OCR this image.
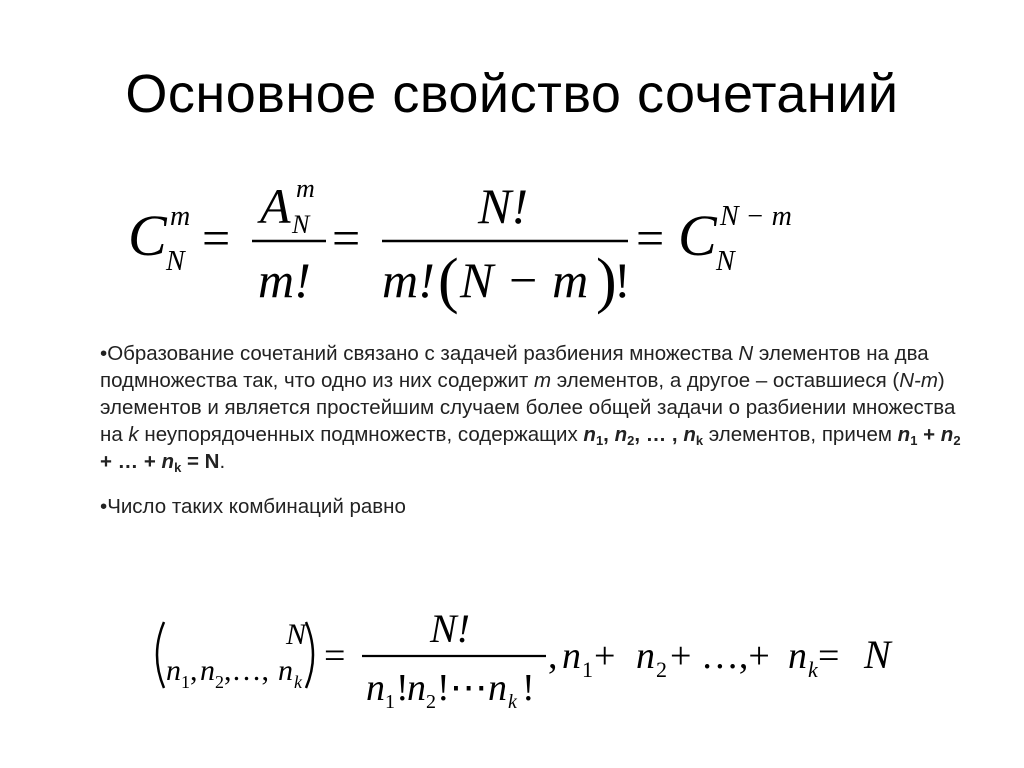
Основное свойство сочетаний
C m
N =
A m
N
m!
=
N!
m! ( N − m )
!
= C N − m
N

•Образование сочетаний связано с задачей разбиения множества N элементов на два подмножества так, что одно из них содержит m элементов, а другое – оставшиеся (N-m) элементов и является простейшим случаем более общей задачи о разбиении множества на k неупорядоченных подмножеств, содержащих $n_1$, $n_2$, … , $n_k$ элементов, причем $n_1 + n_2$ + … + $n_k = N$.

•Число таких комбинаций равно

N
n 1 , n 2 ,…, n k
=
N!
n 1 !
n 2 !⋯ n k !
, n 1 + n 2 + …,+ n k = N
